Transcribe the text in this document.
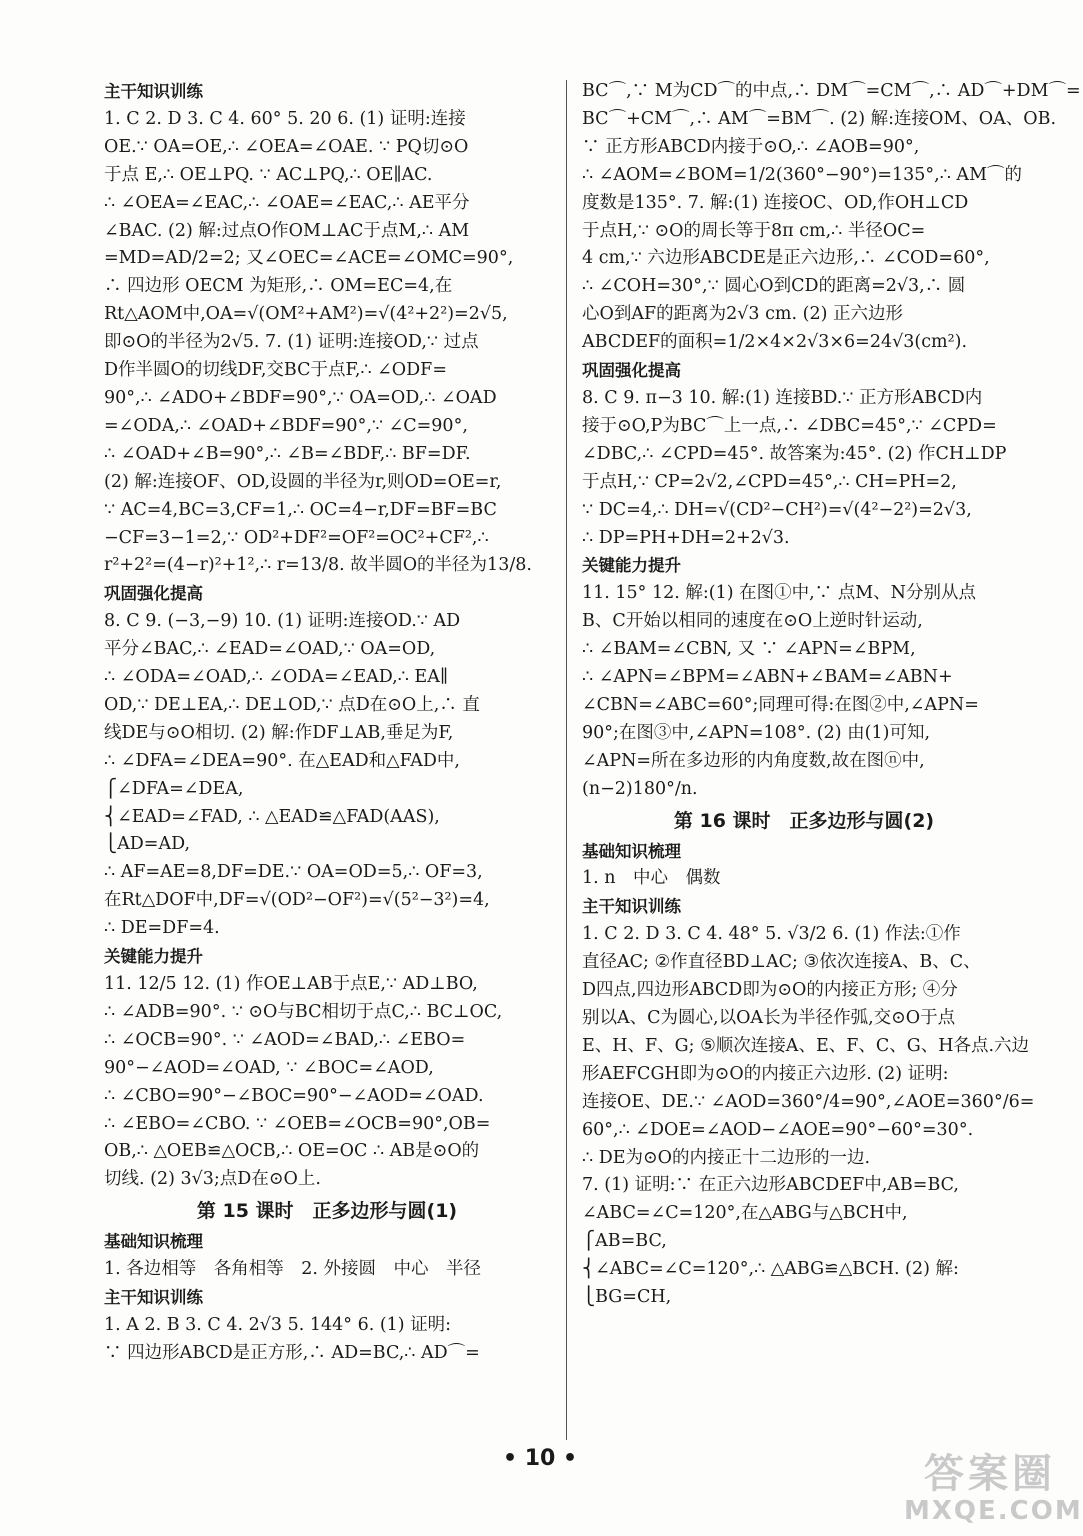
主干知识训练
1. C 2. D 3. C 4. 60° 5. 20 6. (1) 证明:连接
OE.∵ OA=OE,∴ ∠OEA=∠OAE. ∵ PQ切⊙O
于点 E,∴ OE⊥PQ. ∵ AC⊥PQ,∴ OE∥AC.
∴ ∠OEA=∠EAC,∴ ∠OAE=∠EAC,∴ AE平分
∠BAC. (2) 解:过点O作OM⊥AC于点M,∴ AM
=MD=AD/2=2; 又∠OEC=∠ACE=∠OMC=90°,
∴ 四边形 OECM 为矩形,∴ OM=EC=4,在
Rt△AOM中,OA=√(OM²+AM²)=√(4²+2²)=2√5,
即⊙O的半径为2√5. 7. (1) 证明:连接OD,∵ 过点
D作半圆O的切线DF,交BC于点F,∴ ∠ODF=
90°,∴ ∠ADO+∠BDF=90°,∵ OA=OD,∴ ∠OAD
=∠ODA,∴ ∠OAD+∠BDF=90°,∵ ∠C=90°,
∴ ∠OAD+∠B=90°,∴ ∠B=∠BDF,∴ BF=DF.
(2) 解:连接OF、OD,设圆的半径为r,则OD=OE=r,
∵ AC=4,BC=3,CF=1,∴ OC=4−r,DF=BF=BC
−CF=3−1=2,∵ OD²+DF²=OF²=OC²+CF²,∴
r²+2²=(4−r)²+1²,∴ r=13/8. 故半圆O的半径为13/8.
巩固强化提高
8. C 9. (−3,−9) 10. (1) 证明:连接OD.∵ AD
平分∠BAC,∴ ∠EAD=∠OAD,∵ OA=OD,
∴ ∠ODA=∠OAD,∴ ∠ODA=∠EAD,∴ EA∥
OD,∵ DE⊥EA,∴ DE⊥OD,∵ 点D在⊙O上,∴ 直
线DE与⊙O相切. (2) 解:作DF⊥AB,垂足为F,
∴ ∠DFA=∠DEA=90°. 在△EAD和△FAD中,
⎧∠DFA=∠DEA,
⎨∠EAD=∠FAD, ∴ △EAD≌△FAD(AAS),
⎩AD=AD,
∴ AF=AE=8,DF=DE.∵ OA=OD=5,∴ OF=3,
在Rt△DOF中,DF=√(OD²−OF²)=√(5²−3²)=4,
∴ DE=DF=4.
关键能力提升
11. 12/5 12. (1) 作OE⊥AB于点E,∵ AD⊥BO,
∴ ∠ADB=90°. ∵ ⊙O与BC相切于点C,∴ BC⊥OC,
∴ ∠OCB=90°. ∵ ∠AOD=∠BAD,∴ ∠EBO=
90°−∠AOD=∠OAD, ∵ ∠BOC=∠AOD,
∴ ∠CBO=90°−∠BOC=90°−∠AOD=∠OAD.
∴ ∠EBO=∠CBO. ∵ ∠OEB=∠OCB=90°,OB=
OB,∴ △OEB≌△OCB,∴ OE=OC ∴ AB是⊙O的
切线. (2) 3√3;点D在⊙O上.
第 15 课时　正多边形与圆(1)
基础知识梳理
1. 各边相等　各角相等　2. 外接圆　中心　半径
主干知识训练
1. A 2. B 3. C 4. 2√3 5. 144° 6. (1) 证明:
∵ 四边形ABCD是正方形,∴ AD=BC,∴ AD⌒=
BC⌒,∵ M为CD⌒的中点,∴ DM⌒=CM⌒,∴ AD⌒+DM⌒=
BC⌒+CM⌒,∴ AM⌒=BM⌒. (2) 解:连接OM、OA、OB.
∵ 正方形ABCD内接于⊙O,∴ ∠AOB=90°,
∴ ∠AOM=∠BOM=1/2(360°−90°)=135°,∴ AM⌒的
度数是135°. 7. 解:(1) 连接OC、OD,作OH⊥CD
于点H,∵ ⊙O的周长等于8π cm,∴ 半径OC=
4 cm,∵ 六边形ABCDE是正六边形,∴ ∠COD=60°,
∴ ∠COH=30°,∵ 圆心O到CD的距离=2√3,∴ 圆
心O到AF的距离为2√3 cm. (2) 正六边形
ABCDEF的面积=1/2×4×2√3×6=24√3(cm²).
巩固强化提高
8. C 9. π−3 10. 解:(1) 连接BD.∵ 正方形ABCD内
接于⊙O,P为BC⌒上一点,∴ ∠DBC=45°,∵ ∠CPD=
∠DBC,∴ ∠CPD=45°. 故答案为:45°. (2) 作CH⊥DP
于点H,∵ CP=2√2,∠CPD=45°,∴ CH=PH=2,
∵ DC=4,∴ DH=√(CD²−CH²)=√(4²−2²)=2√3,
∴ DP=PH+DH=2+2√3.
关键能力提升
11. 15° 12. 解:(1) 在图①中,∵ 点M、N分别从点
B、C开始以相同的速度在⊙O上逆时针运动,
∴ ∠BAM=∠CBN, 又 ∵ ∠APN=∠BPM,
∴ ∠APN=∠BPM=∠ABN+∠BAM=∠ABN+
∠CBN=∠ABC=60°;同理可得:在图②中,∠APN=
90°;在图③中,∠APN=108°. (2) 由(1)可知,
∠APN=所在多边形的内角度数,故在图ⓝ中,
(n−2)180°/n.
第 16 课时　正多边形与圆(2)
基础知识梳理
1. n　中心　偶数
主干知识训练
1. C 2. D 3. C 4. 48° 5. √3/2 6. (1) 作法:①作
直径AC; ②作直径BD⊥AC; ③依次连接A、B、C、
D四点,四边形ABCD即为⊙O的内接正方形; ④分
别以A、C为圆心,以OA长为半径作弧,交⊙O于点
E、H、F、G; ⑤顺次连接A、E、F、C、G、H各点.六边
形AEFCGH即为⊙O的内接正六边形. (2) 证明:
连接OE、DE.∵ ∠AOD=360°/4=90°,∠AOE=360°/6=
60°,∴ ∠DOE=∠AOD−∠AOE=90°−60°=30°.
∴ DE为⊙O的内接正十二边形的一边.
7. (1) 证明:∵ 在正六边形ABCDEF中,AB=BC,
∠ABC=∠C=120°,在△ABG与△BCH中,
⎧AB=BC,
⎨∠ABC=∠C=120°,∴ △ABG≌△BCH. (2) 解:
⎩BG=CH,
• 10 •	答案圈
MXQE.COM
